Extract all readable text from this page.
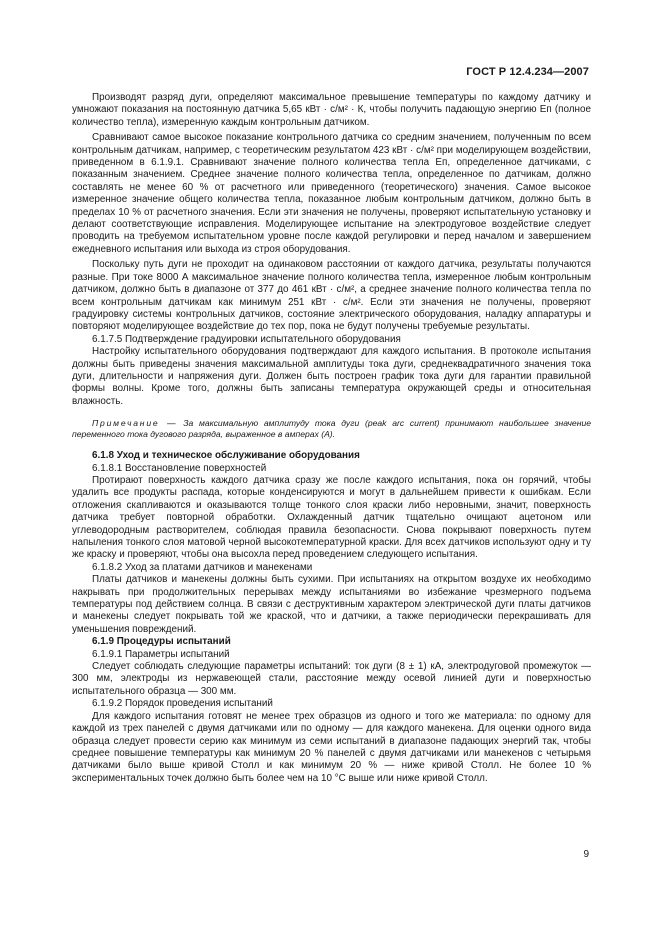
ГОСТ Р 12.4.234—2007

Производят разряд дуги, определяют максимальное превышение температуры по каждому датчику и умножают показания на постоянную датчика 5,65 кВт · с/м² · К, чтобы получить падающую энергию Eп (полное количество тепла), измеренную каждым контрольным датчиком.

Сравнивают самое высокое показание контрольного датчика со средним значением, полученным по всем контрольным датчикам, например, с теоретическим результатом 423 кВт · с/м² при моделирующем воздействии, приведенном в 6.1.9.1. Сравнивают значение полного количества тепла Eп, определенное датчиками, с показанным значением. Среднее значение полного количества тепла, определенное по датчикам, должно составлять не менее 60 % от расчетного или приведенного (теоретического) значения. Самое высокое измеренное значение общего количества тепла, показанное любым контрольным датчиком, должно быть в пределах 10 % от расчетного значения. Если эти значения не получены, проверяют испытательную установку и делают соответствующие исправления. Моделирующее испытание на электродуговое воздействие следует проводить на требуемом испытательном уровне после каждой регулировки и перед началом и завершением ежедневного испытания или выхода из строя оборудования.

Поскольку путь дуги не проходит на одинаковом расстоянии от каждого датчика, результаты получаются разные. При токе 8000 А максимальное значение полного количества тепла, измеренное любым контрольным датчиком, должно быть в диапазоне от 377 до 461 кВт · с/м², а среднее значение полного количества тепла по всем контрольным датчикам как минимум 251 кВт · с/м². Если эти значения не получены, проверяют градуировку системы контрольных датчиков, состояние электрического оборудования, наладку аппаратуры и повторяют моделирующее воздействие до тех пор, пока не будут получены требуемые результаты.

6.1.7.5 Подтверждение градуировки испытательного оборудования

Настройку испытательного оборудования подтверждают для каждого испытания. В протоколе испытания должны быть приведены значения максимальной амплитуды тока дуги, среднеквадратичного значения тока дуги, длительности и напряжения дуги. Должен быть построен график тока дуги для гарантии правильной формы волны. Кроме того, должны быть записаны температура окружающей среды и относительная влажность.

Примечание — За максимальную амплитуду тока дуги (peak arc current) принимают наибольшее значение переменного тока дугового разряда, выраженное в амперах (А).

6.1.8 Уход и техническое обслуживание оборудования

6.1.8.1 Восстановление поверхностей

Протирают поверхность каждого датчика сразу же после каждого испытания, пока он горячий, чтобы удалить все продукты распада, которые конденсируются и могут в дальнейшем привести к ошибкам. Если отложения скапливаются и оказываются толще тонкого слоя краски либо неровными, значит, поверхность датчика требует повторной обработки. Охлажденный датчик тщательно очищают ацетоном или углеводородным растворителем, соблюдая правила безопасности. Снова покрывают поверхность путем напыления тонкого слоя матовой черной высокотемпературной краски. Для всех датчиков используют одну и ту же краску и проверяют, чтобы она высохла перед проведением следующего испытания.

6.1.8.2 Уход за платами датчиков и манекенами

Платы датчиков и манекены должны быть сухими. При испытаниях на открытом воздухе их необходимо накрывать при продолжительных перерывах между испытаниями во избежание чрезмерного подъема температуры под действием солнца. В связи с деструктивным характером электрической дуги платы датчиков и манекены следует покрывать той же краской, что и датчики, а также периодически перекрашивать для уменьшения повреждений.

6.1.9 Процедуры испытаний

6.1.9.1 Параметры испытаний

Следует соблюдать следующие параметры испытаний: ток дуги (8 ± 1) кА, электродуговой промежуток — 300 мм, электроды из нержавеющей стали, расстояние между осевой линией дуги и поверхностью испытательного образца — 300 мм.

6.1.9.2 Порядок проведения испытаний

Для каждого испытания готовят не менее трех образцов из одного и того же материала: по одному для каждой из трех панелей с двумя датчиками или по одному — для каждого манекена. Для оценки одного вида образца следует провести серию как минимум из семи испытаний в диапазоне падающих энергий так, чтобы среднее повышение температуры как минимум 20 % панелей с двумя датчиками или манекенов с четырьмя датчиками было выше кривой Столл и как минимум 20 % — ниже кривой Столл. Не более 10 % экспериментальных точек должно быть более чем на 10 °С выше или ниже кривой Столл.

9
